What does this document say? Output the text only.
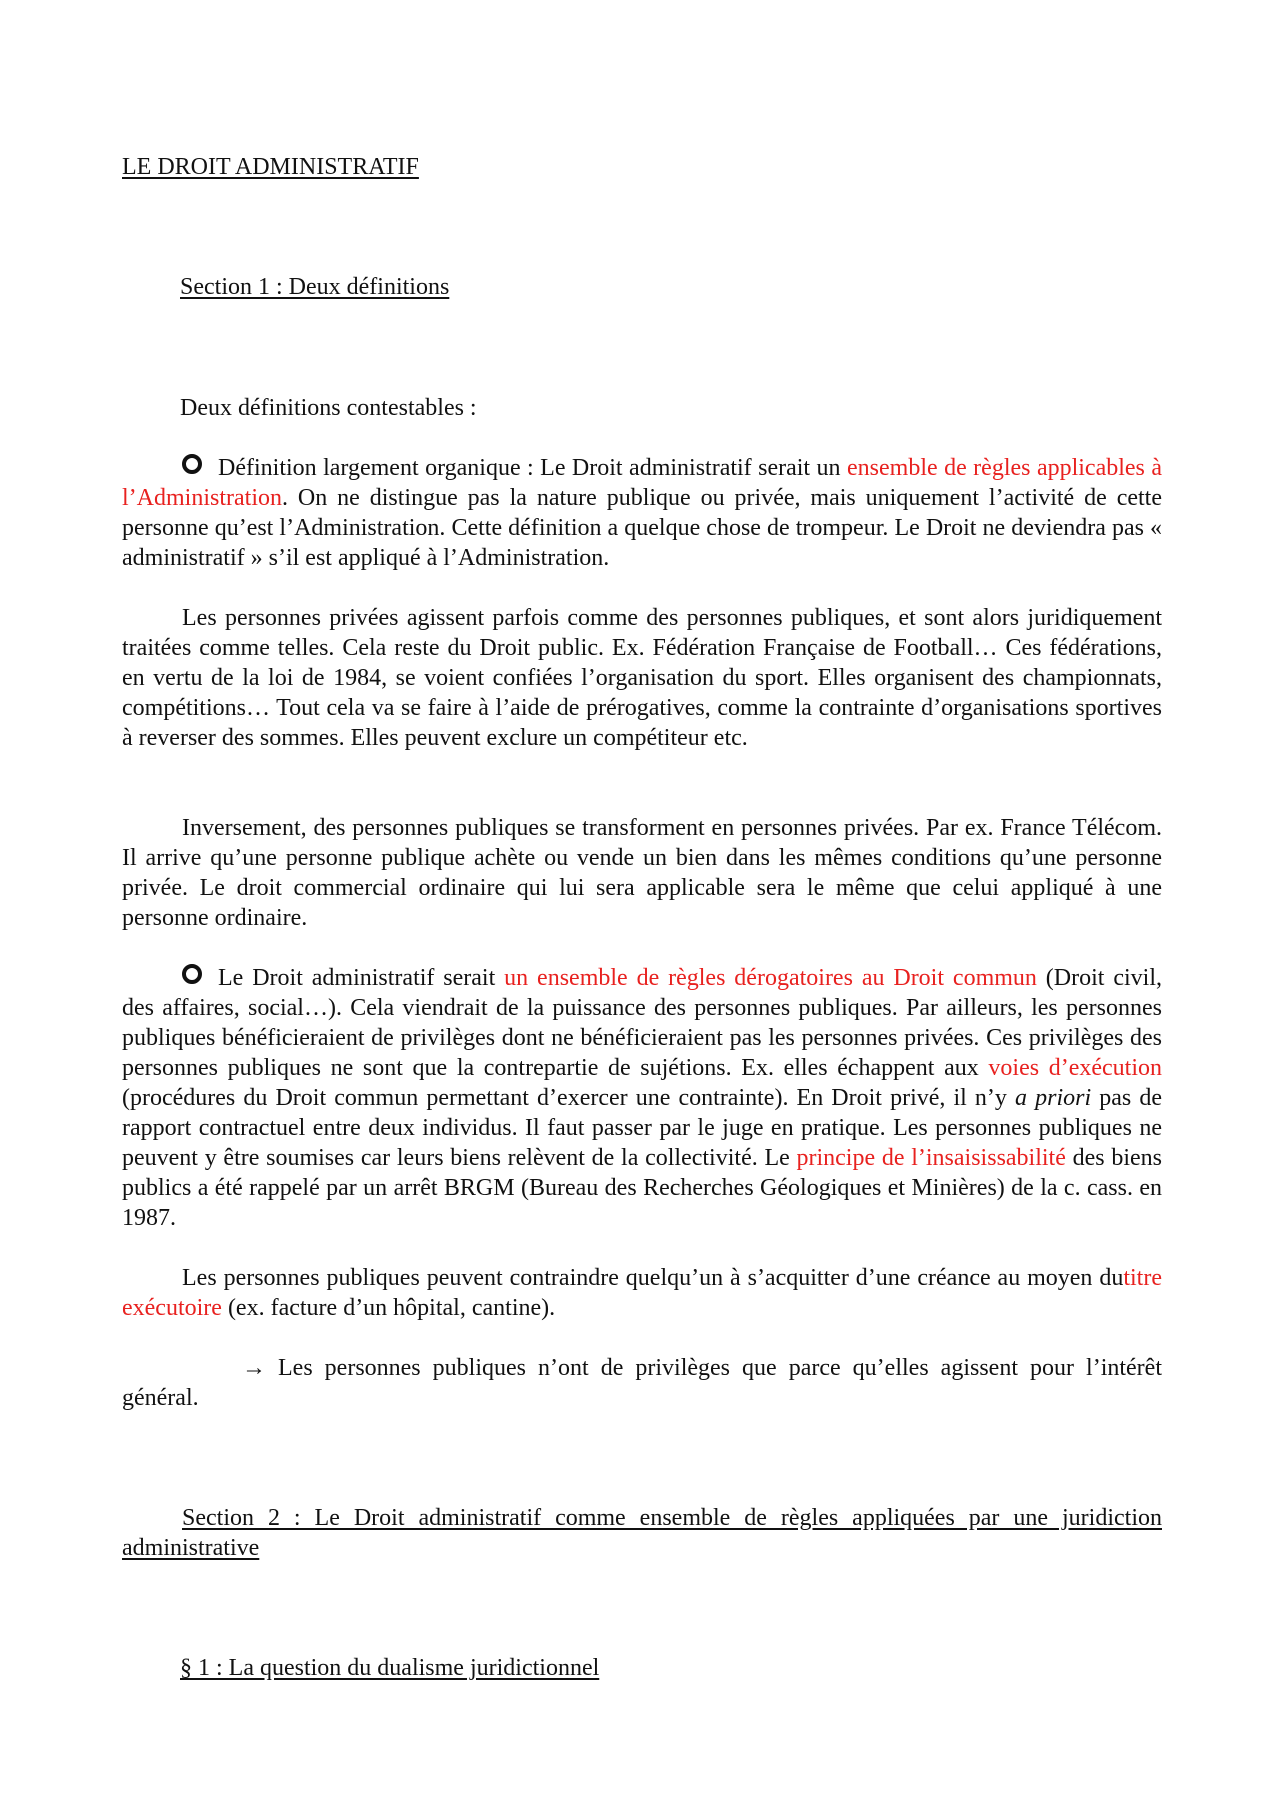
LE DROIT ADMINISTRATIF

Section 1 : Deux définitions

Deux définitions contestables :

Définition largement organique : Le Droit administratif serait un ensemble de règles applicables à l’Administration. On ne distingue pas la nature publique ou privée, mais uniquement l’activité de cette personne qu’est l’Administration. Cette définition a quelque chose de trompeur. Le Droit ne deviendra pas « administratif » s’il est appliqué à l’Administration.

Les personnes privées agissent parfois comme des personnes publiques, et sont alors juridiquement traitées comme telles. Cela reste du Droit public. Ex. Fédération Française de Football… Ces fédérations, en vertu de la loi de 1984, se voient confiées l’organisation du sport. Elles organisent des championnats, compétitions… Tout cela va se faire à l’aide de prérogatives, comme la contrainte d’organisations sportives à reverser des sommes. Elles peuvent exclure un compétiteur etc.

Inversement, des personnes publiques se transforment en personnes privées. Par ex. France Télécom. Il arrive qu’une personne publique achète ou vende un bien dans les mêmes conditions qu’une personne privée. Le droit commercial ordinaire qui lui sera applicable sera le même que celui appliqué à une personne ordinaire.

Le Droit administratif serait un ensemble de règles dérogatoires au Droit commun (Droit civil, des affaires, social…). Cela viendrait de la puissance des personnes publiques. Par ailleurs, les personnes publiques bénéficieraient de privilèges dont ne bénéficieraient pas les personnes privées. Ces privilèges des personnes publiques ne sont que la contrepartie de sujétions. Ex. elles échappent aux voies d’exécution (procédures du Droit commun permettant d’exercer une contrainte). En Droit privé, il n’y a priori pas de rapport contractuel entre deux individus. Il faut passer par le juge en pratique. Les personnes publiques ne peuvent y être soumises car leurs biens relèvent de la collectivité. Le principe de l’insaisissabilité des biens publics a été rappelé par un arrêt BRGM (Bureau des Recherches Géologiques et Minières) de la c. cass. en 1987.

Les personnes publiques peuvent contraindre quelqu’un à s’acquitter d’une créance au moyen dutitre exécutoire (ex. facture d’un hôpital, cantine).

→ Les personnes publiques n’ont de privilèges que parce qu’elles agissent pour l’intérêt général.

Section 2 : Le Droit administratif comme ensemble de règles appliquées par une juridiction administrative

§ 1 : La question du dualisme juridictionnel
